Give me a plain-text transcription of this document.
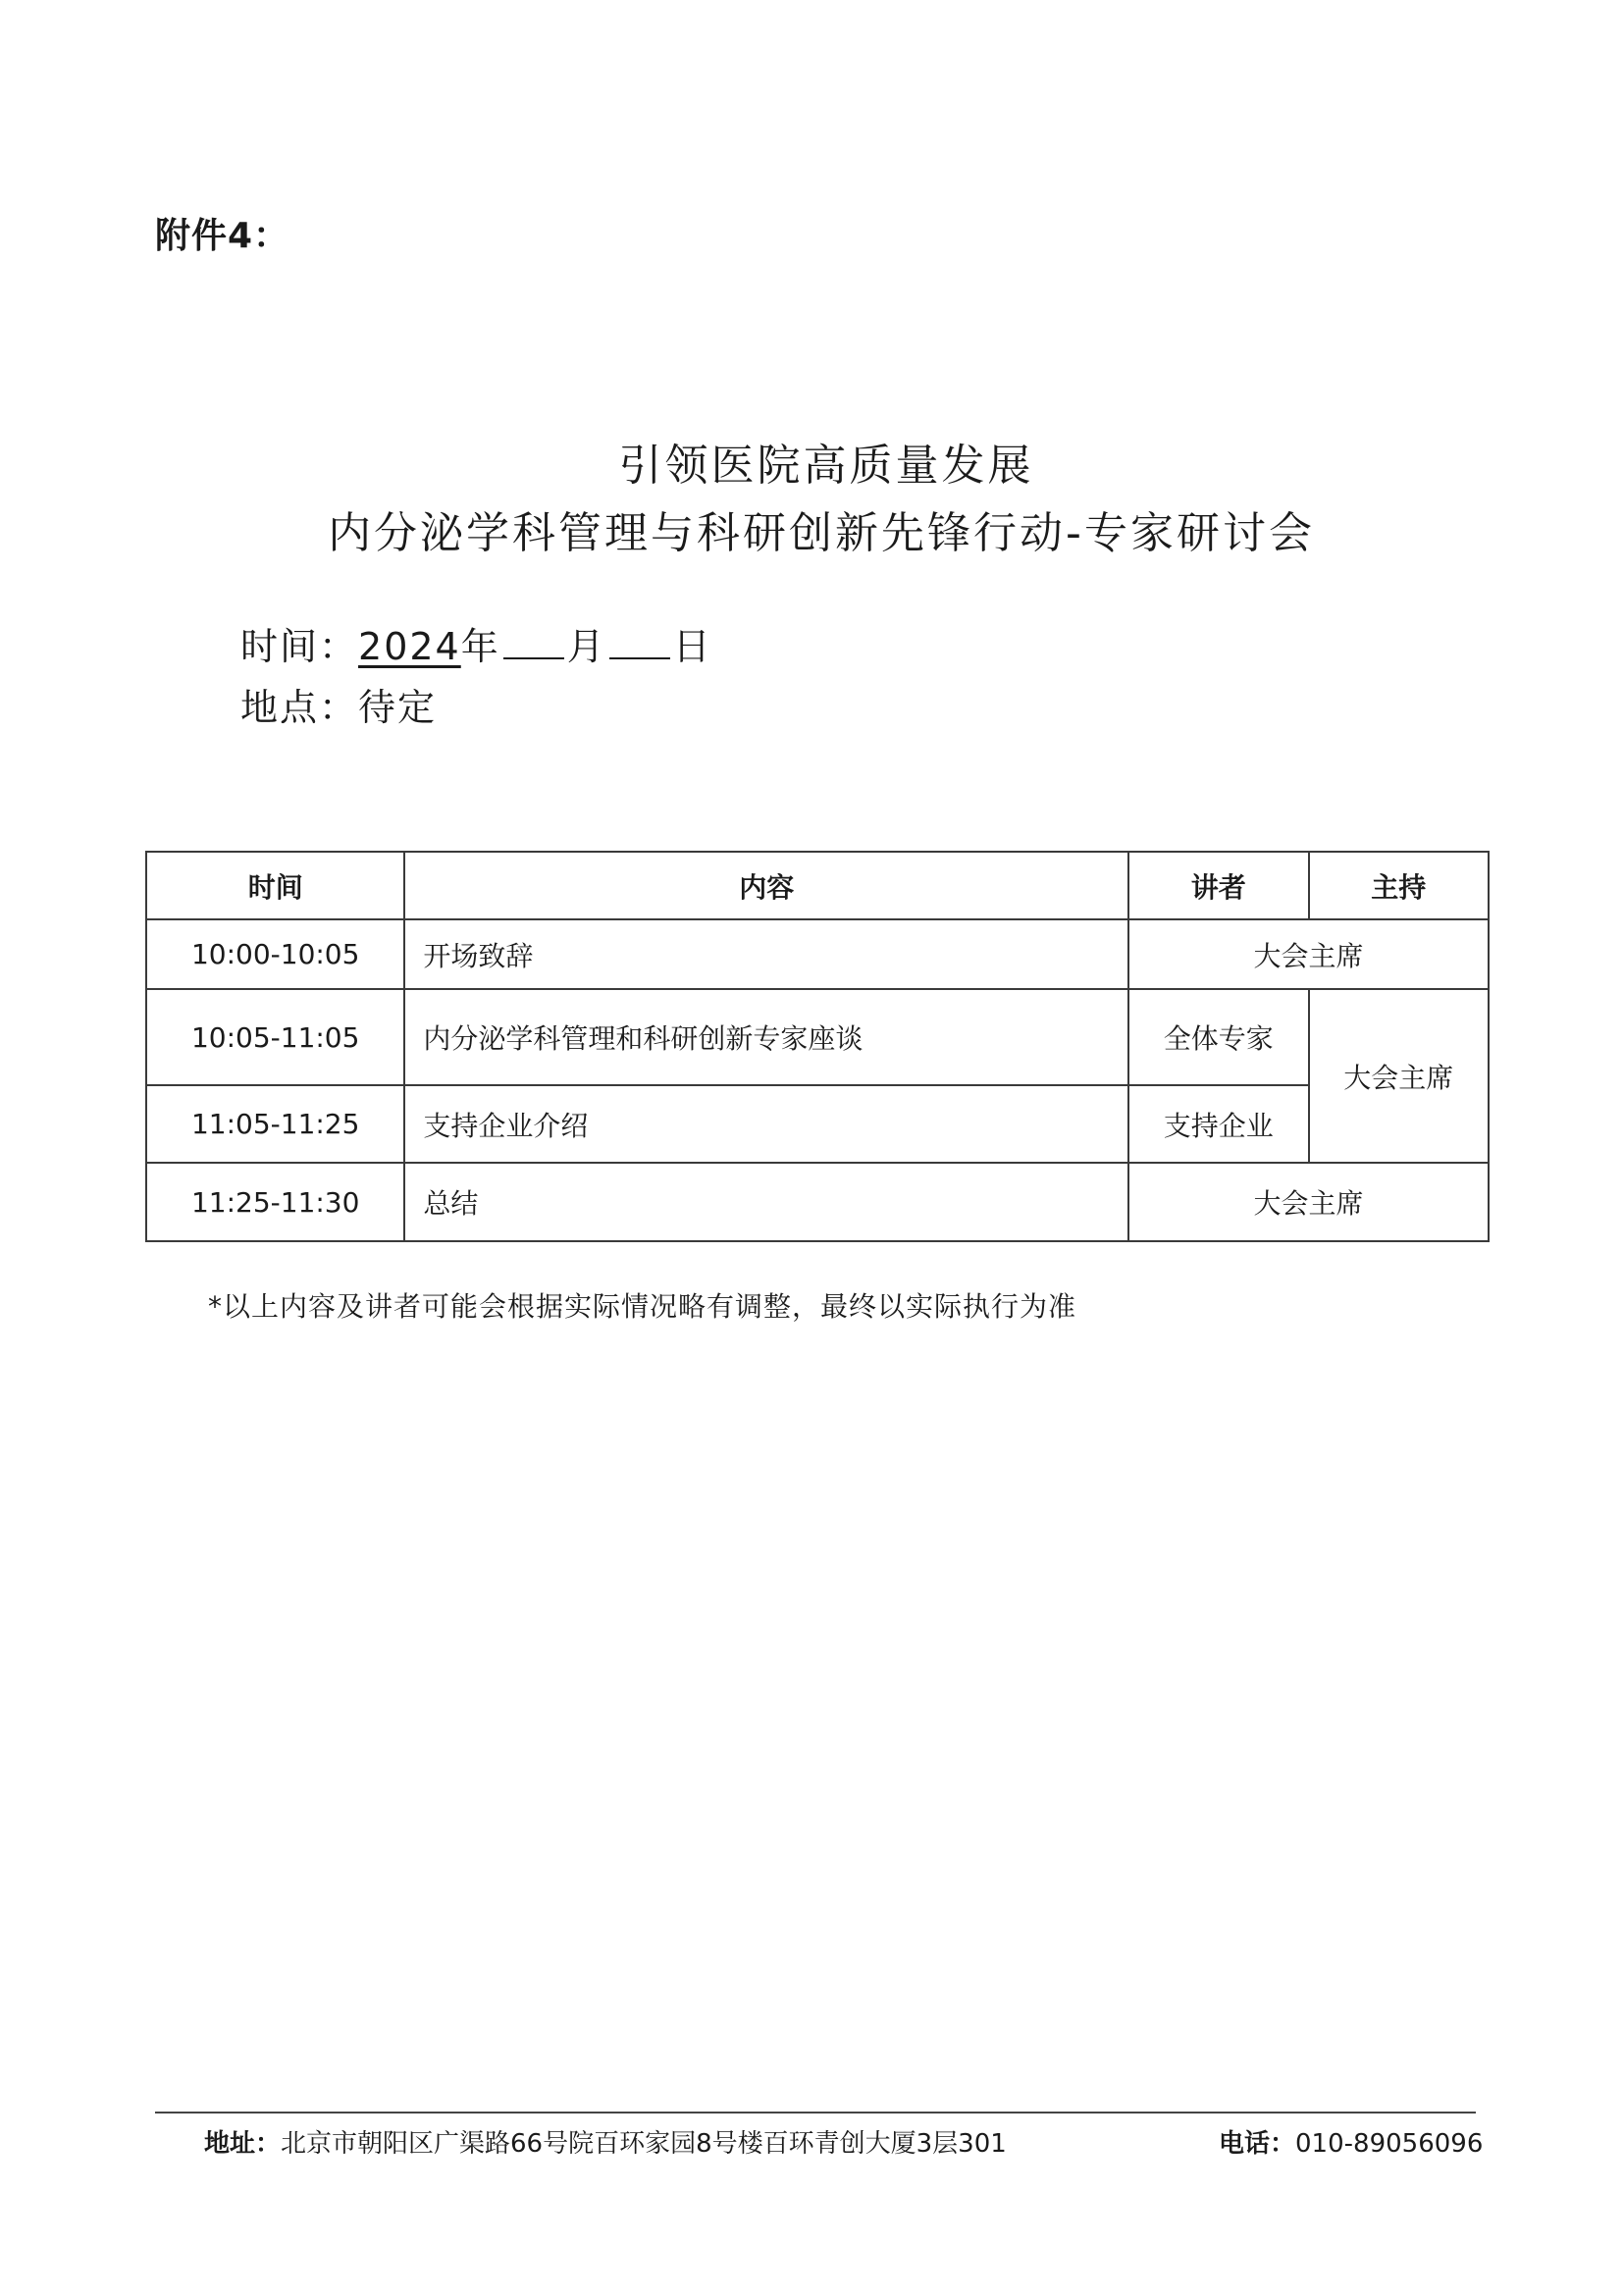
附件4：
引领医院高质量发展
内分泌学科管理与科研创新先锋行动-专家研讨会
时间：2024年 月 日
地点：待定
时间	内容	讲者	主持
10:00-10:05	开场致辞	大会主席	
10:05-11:05	内分泌学科管理和科研创新专家座谈	全体专家	大会主席
11:05-11:25	支持企业介绍	支持企业	
11:25-11:30	总结	大会主席	
*以上内容及讲者可能会根据实际情况略有调整，最终以实际执行为准
地址：北京市朝阳区广渠路66号院百环家园8号楼百环青创大厦3层301	电话：010-89056096
